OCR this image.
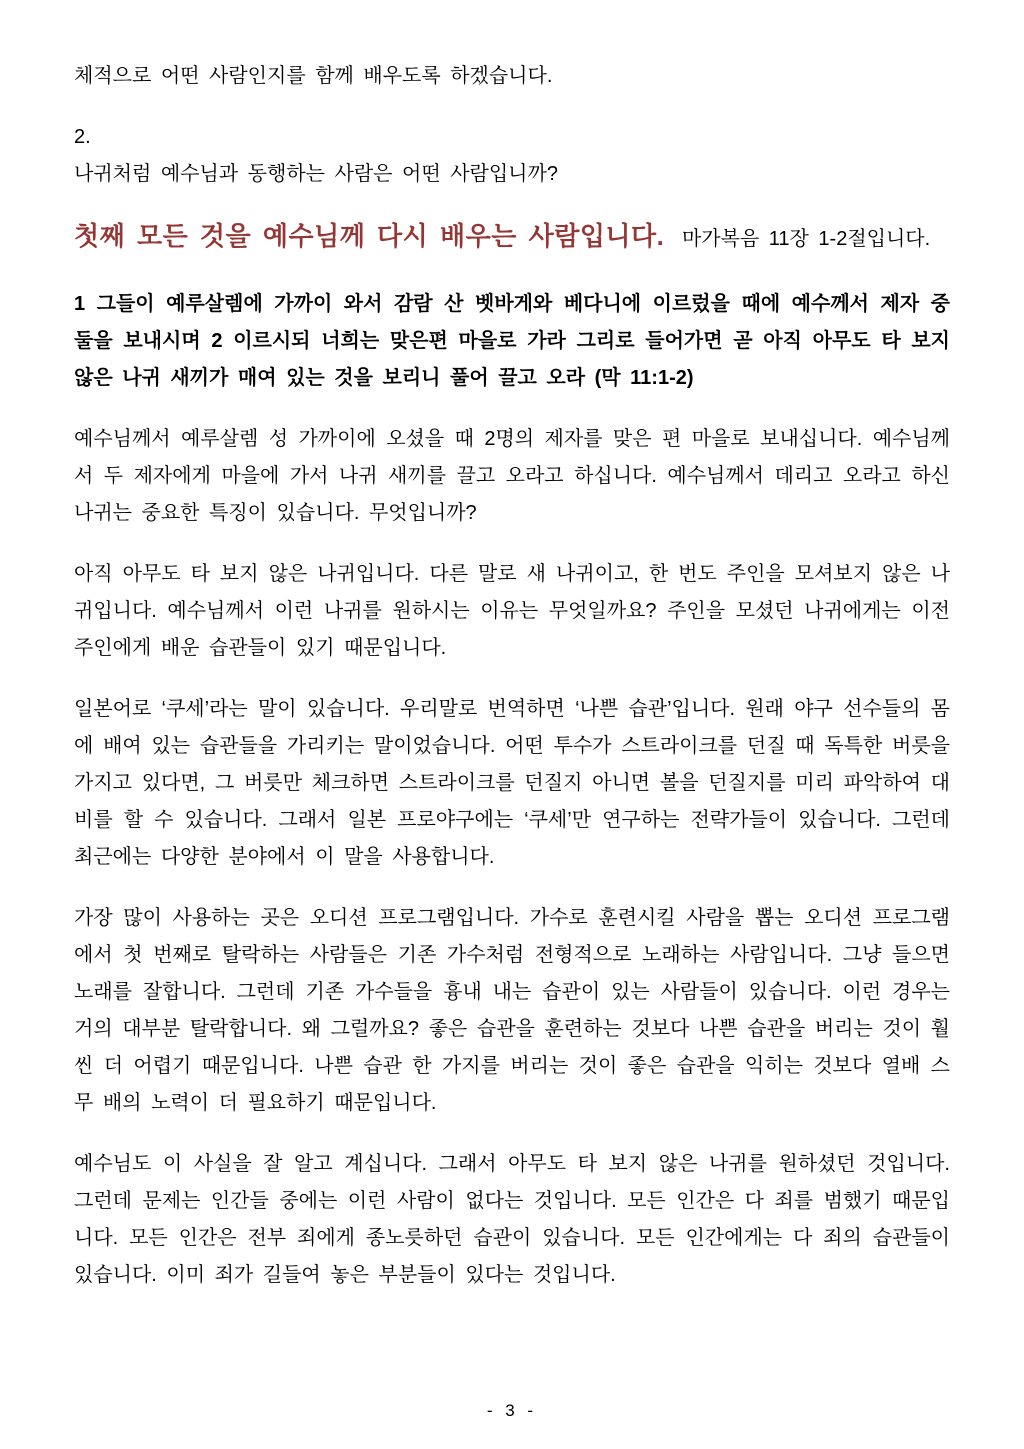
체적으로 어떤 사람인지를 함께 배우도록 하겠습니다.

2.
나귀처럼 예수님과 동행하는 사람은 어떤 사람입니까?
첫째 모든 것을 예수님께 다시 배우는 사람입니다. 마가복음 11장 1-2절입니다.

1 그들이 예루살렘에 가까이 와서 감람 산 벳바게와 베다니에 이르렀을 때에 예수께서 제자 중 둘을 보내시며 2 이르시되 너희는 맞은편 마을로 가라 그리로 들어가면 곧 아직 아무도 타 보지 않은 나귀 새끼가 매여 있는 것을 보리니 풀어 끌고 오라 (막 11:1-2)

예수님께서 예루살렘 성 가까이에 오셨을 때 2명의 제자를 맞은 편 마을로 보내십니다. 예수님께서 두 제자에게 마을에 가서 나귀 새끼를 끌고 오라고 하십니다. 예수님께서 데리고 오라고 하신 나귀는 중요한 특징이 있습니다. 무엇입니까?

아직 아무도 타 보지 않은 나귀입니다. 다른 말로 새 나귀이고, 한 번도 주인을 모셔보지 않은 나귀입니다. 예수님께서 이런 나귀를 원하시는 이유는 무엇일까요? 주인을 모셨던 나귀에게는 이전 주인에게 배운 습관들이 있기 때문입니다.

일본어로 ‘쿠세’라는 말이 있습니다. 우리말로 번역하면 ‘나쁜 습관’입니다. 원래 야구 선수들의 몸에 배여 있는 습관들을 가리키는 말이었습니다. 어떤 투수가 스트라이크를 던질 때 독특한 버릇을 가지고 있다면, 그 버릇만 체크하면 스트라이크를 던질지 아니면 볼을 던질지를 미리 파악하여 대비를 할 수 있습니다. 그래서 일본 프로야구에는 ‘쿠세’만 연구하는 전략가들이 있습니다. 그런데 최근에는 다양한 분야에서 이 말을 사용합니다.

가장 많이 사용하는 곳은 오디션 프로그램입니다. 가수로 훈련시킬 사람을 뽑는 오디션 프로그램에서 첫 번째로 탈락하는 사람들은 기존 가수처럼 전형적으로 노래하는 사람입니다. 그냥 들으면 노래를 잘합니다. 그런데 기존 가수들을 흉내 내는 습관이 있는 사람들이 있습니다. 이런 경우는 거의 대부분 탈락합니다. 왜 그럴까요? 좋은 습관을 훈련하는 것보다 나쁜 습관을 버리는 것이 훨씬 더 어렵기 때문입니다. 나쁜 습관 한 가지를 버리는 것이 좋은 습관을 익히는 것보다 열배 스무 배의 노력이 더 필요하기 때문입니다.

예수님도 이 사실을 잘 알고 계십니다. 그래서 아무도 타 보지 않은 나귀를 원하셨던 것입니다. 그런데 문제는 인간들 중에는 이런 사람이 없다는 것입니다. 모든 인간은 다 죄를 범했기 때문입니다. 모든 인간은 전부 죄에게 종노릇하던 습관이 있습니다. 모든 인간에게는 다 죄의 습관들이 있습니다. 이미 죄가 길들여 놓은 부분들이 있다는 것입니다.

- 3 -
